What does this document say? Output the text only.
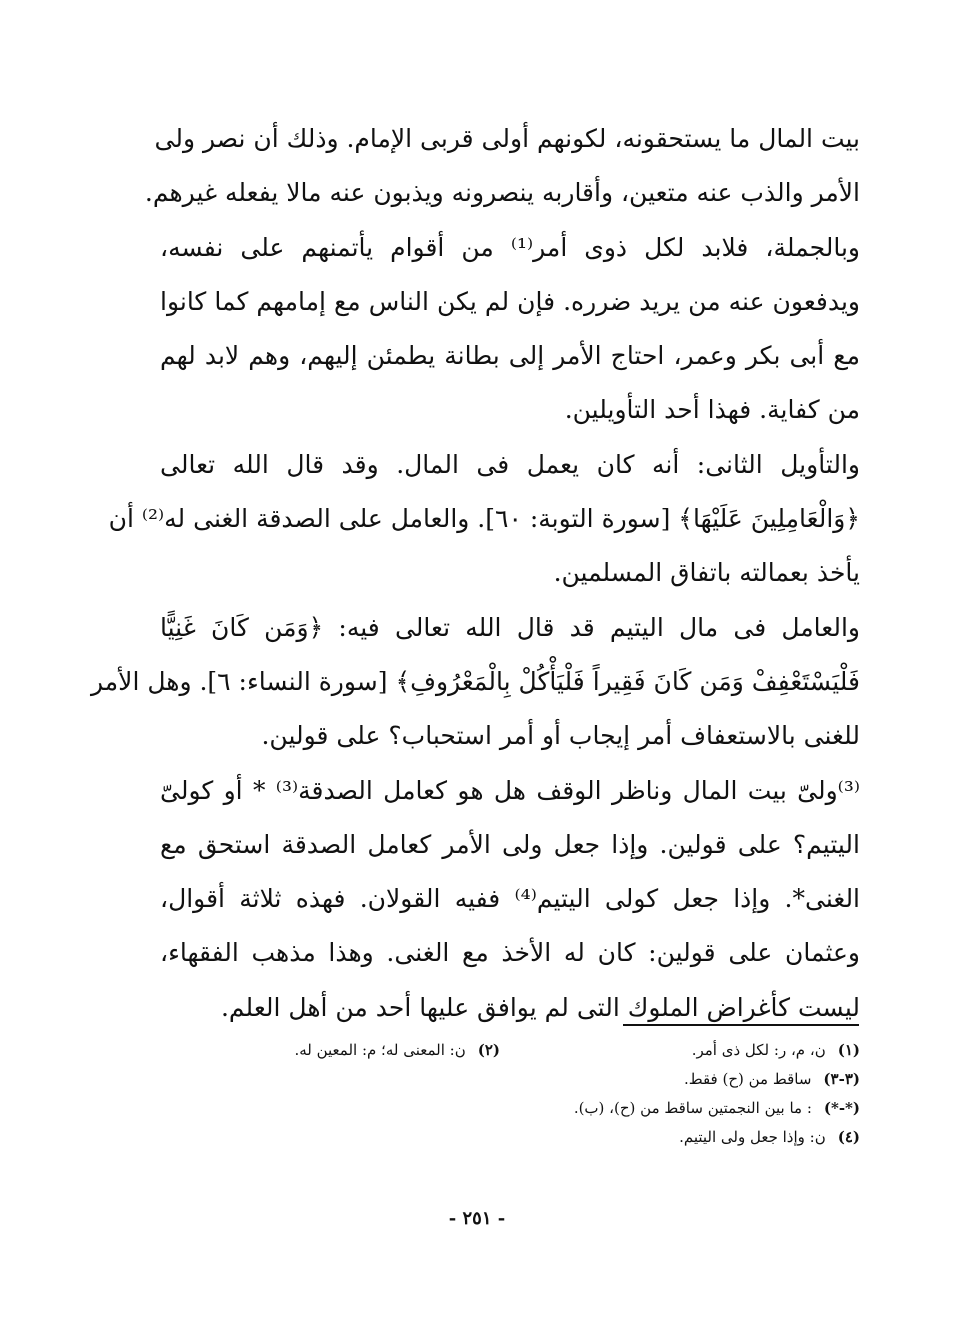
بيت المال ما يستحقونه، لكونهم أولى قربى الإمام. وذلك أن نصر ولى
الأمر والذب عنه متعين، وأقاربه ينصرونه ويذبون عنه مالا يفعله غيرهم.
وبالجملة، فلابد لكل ذوى أمر⁽¹⁾ من أقوام يأتمنهم على نفسه،
ويدفعون عنه من يريد ضرره. فإن لم يكن الناس مع إمامهم كما كانوا
مع أبى بكر وعمر، احتاج الأمر إلى بطانة يطمئن إليهم، وهم لابد لهم
من كفاية. فهذا أحد التأويلين.
والتأويل الثانى: أنه كان يعمل فى المال. وقد قال الله تعالى
﴿وَالْعَامِلِينَ عَلَيْهَا﴾ [سورة التوبة: ٦٠]. والعامل على الصدقة الغنى له⁽²⁾ أن
يأخذ بعمالته باتفاق المسلمين.
والعامل فى مال اليتيم قد قال الله تعالى فيه: ﴿وَمَن كَانَ غَنِيًّا
فَلْيَسْتَعْفِفْ وَمَن كَانَ فَقِيراً فَلْيَأْكُلْ بِالْمَعْرُوفِ﴾ [سورة النساء: ٦]. وهل الأمر
للغنى بالاستعفاف أمر إيجاب أو أمر استحباب؟ على قولين.
⁽³⁾ولىّ بيت المال وناظر الوقف هل هو كعامل الصدقة⁽³⁾ * أو كولىّ
اليتيم؟ على قولين. وإذا جعل ولى الأمر كعامل الصدقة استحق مع
الغنى*. وإذا جعل كولى اليتيم⁽⁴⁾ ففيه القولان. فهذه ثلاثة أقوال،
وعثمان على قولين: كان له الأخذ مع الغنى. وهذا مذهب الفقهاء،
ليست كأغراض الملوك التى لم يوافق عليها أحد من أهل العلم.
(١)ن، م، ر: لكل ذى أمر.(٢)ن: المعنى له؛ م: المعين له.
(٣-٣)ساقط من (ح) فقط.
(*-*): ما بين النجمتين ساقط من (ح)، (ب).
(٤)ن: وإذا جعل ولى اليتيم.
- ٢٥١ -
